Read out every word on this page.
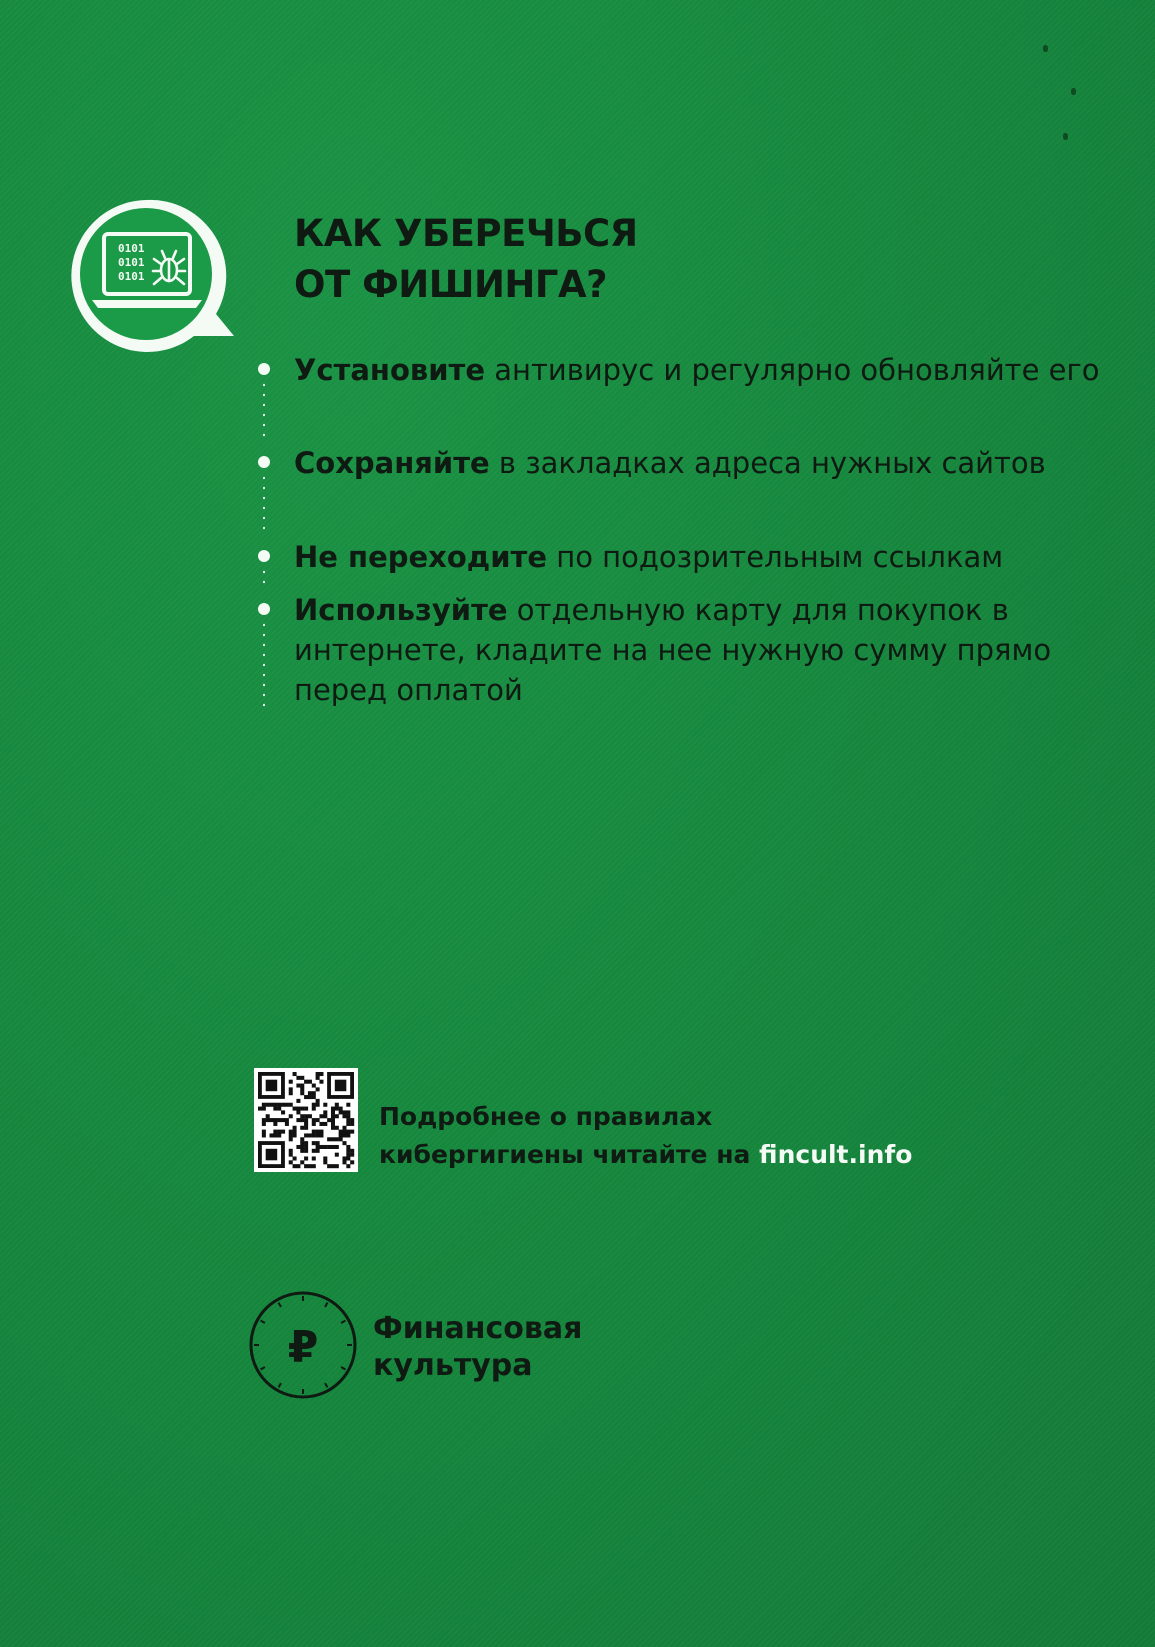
0101
0101
0101
КАК УБЕРЕЧЬСЯ
ОТ ФИШИНГА?
Установите антивирус и регулярно обновляйте его
Сохраняйте в закладках адреса нужных сайтов
Не переходите по подозрительным ссылкам
Используйте отдельную карту для покупок в интернете, кладите на нее нужную сумму прямо перед оплатой
Подробнее о правилах
кибергигиены читайте на fincult.info
₽ Финансовая
культура
